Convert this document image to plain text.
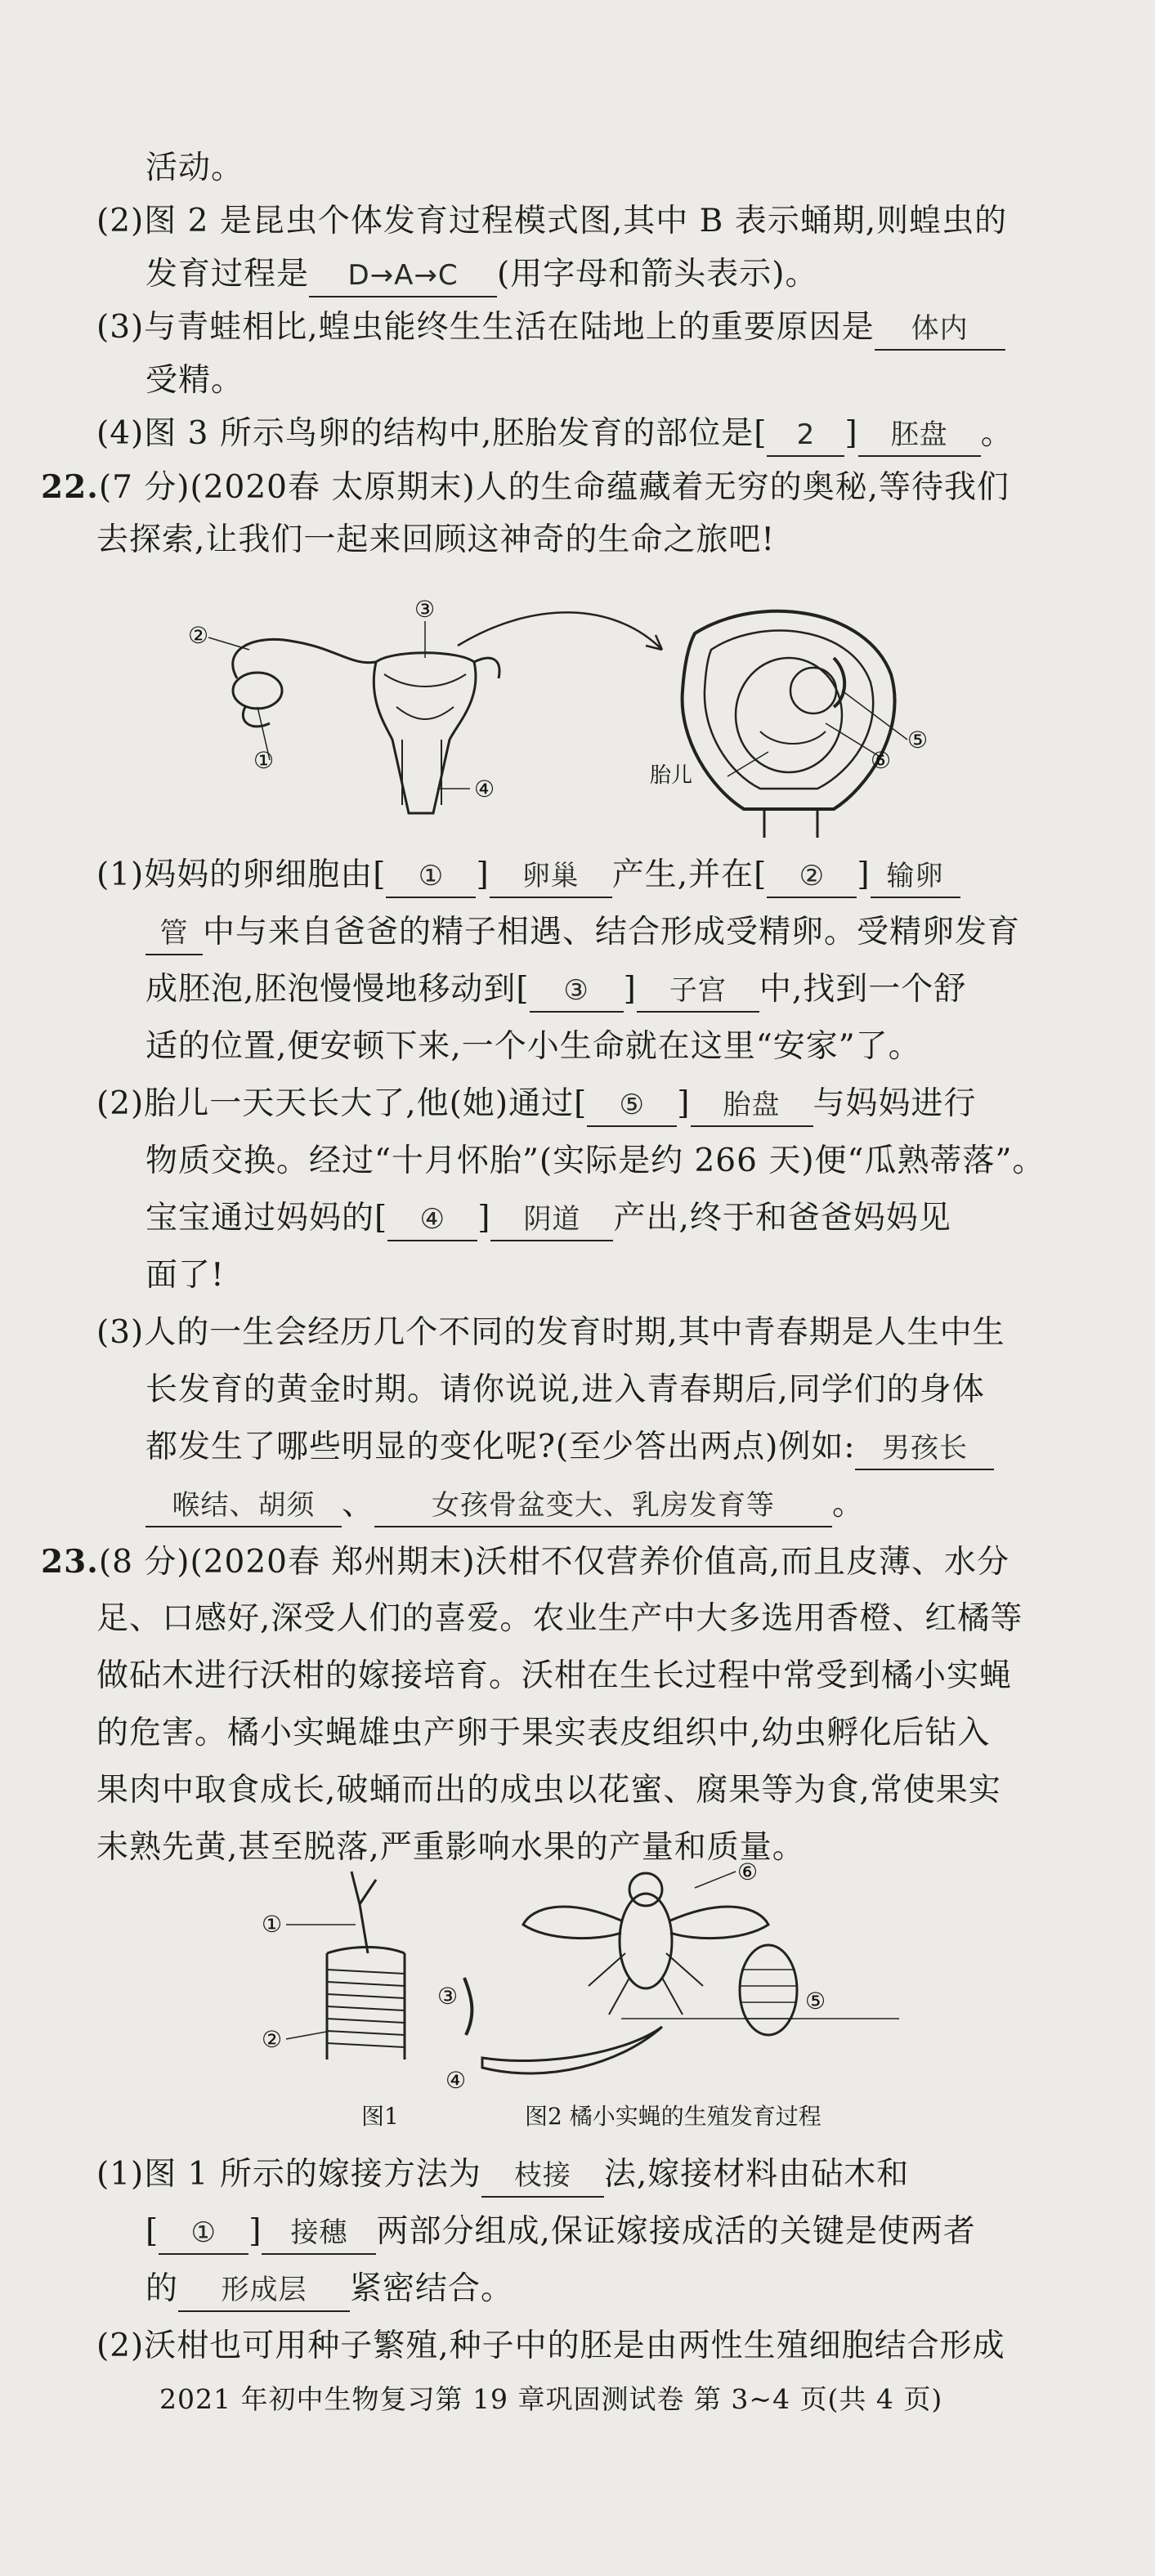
活动。
(2)图 2 是昆虫个体发育过程模式图,其中 B 表示蛹期,则蝗虫的
发育过程是 D→A→C (用字母和箭头表示)。
(3)与青蛙相比,蝗虫能终生生活在陆地上的重要原因是 体内
受精。
(4)图 3 所示鸟卵的结构中,胚胎发育的部位是[ 2 ] 胚盘 。
22.(7 分)(2020春 太原期末)人的生命蕴藏着无穷的奥秘,等待我们
去探索,让我们一起来回顾这神奇的生命之旅吧!
①
②
③
④
⑤
⑥
胎儿
(1)妈妈的卵细胞由[ ① ] 卵巢 产生,并在[ ② ] 输卵
管 中与来自爸爸的精子相遇、结合形成受精卵。受精卵发育
成胚泡,胚泡慢慢地移动到[ ③ ] 子宫 中,找到一个舒
适的位置,便安顿下来,一个小生命就在这里“安家”了。
(2)胎儿一天天长大了,他(她)通过[ ⑤ ] 胎盘 与妈妈进行
物质交换。经过“十月怀胎”(实际是约 266 天)便“瓜熟蒂落”。
宝宝通过妈妈的[ ④ ] 阴道 产出,终于和爸爸妈妈见
面了!
(3)人的一生会经历几个不同的发育时期,其中青春期是人生中生
长发育的黄金时期。请你说说,进入青春期后,同学们的身体
都发生了哪些明显的变化呢?(至少答出两点)例如: 男孩长
喉结、胡须 、 女孩骨盆变大、乳房发育等 。
23.(8 分)(2020春 郑州期末)沃柑不仅营养价值高,而且皮薄、水分
足、口感好,深受人们的喜爱。农业生产中大多选用香橙、红橘等
做砧木进行沃柑的嫁接培育。沃柑在生长过程中常受到橘小实蝇
的危害。橘小实蝇雄虫产卵于果实表皮组织中,幼虫孵化后钻入
果肉中取食成长,破蛹而出的成虫以花蜜、腐果等为食,常使果实
未熟先黄,甚至脱落,严重影响水果的产量和质量。
①
②
③
④
⑤
⑥
图1	图2 橘小实蝇的生殖发育过程
(1)图 1 所示的嫁接方法为 枝接 法,嫁接材料由砧木和
[ ① ] 接穗 两部分组成,保证嫁接成活的关键是使两者
的 形成层 紧密结合。
(2)沃柑也可用种子繁殖,种子中的胚是由两性生殖细胞结合形成
2021 年初中生物复习第 19 章巩固测试卷 第 3~4 页(共 4 页)
